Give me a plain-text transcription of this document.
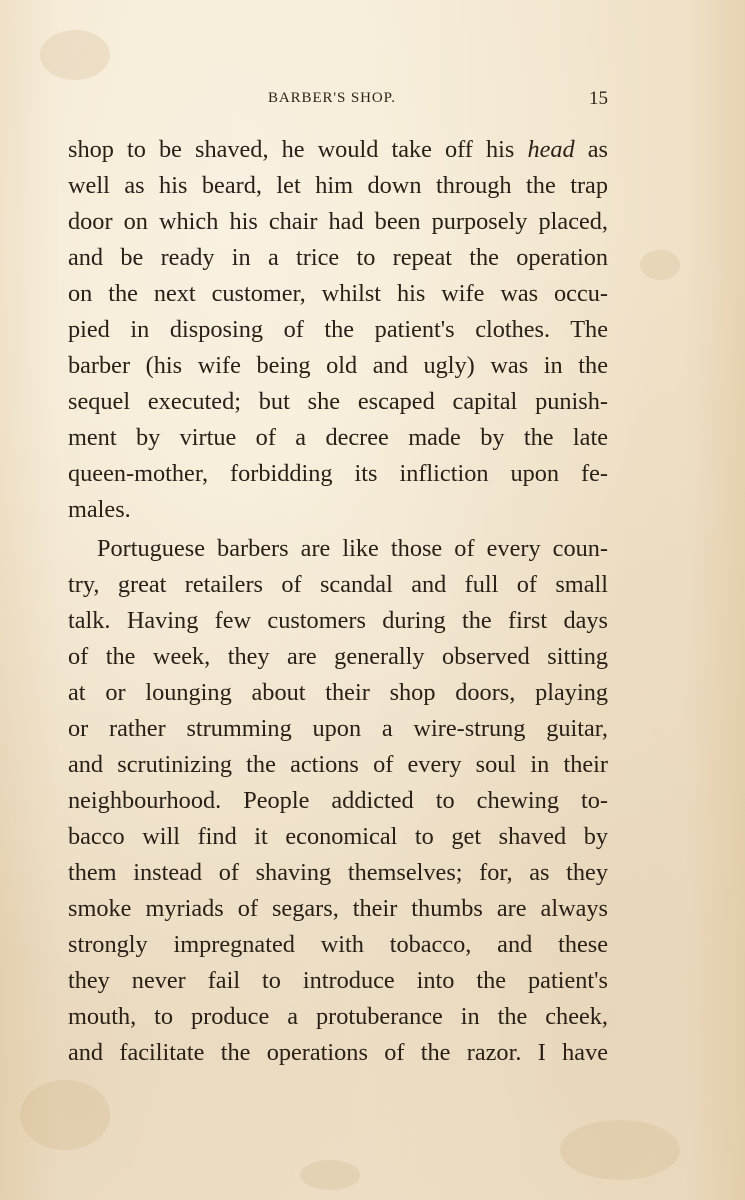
BARBER'S SHOP.	15
shop to be shaved, he would take off his head as
well as his beard, let him down through the trap
door on which his chair had been purposely placed,
and be ready in a trice to repeat the operation
on the next customer, whilst his wife was occu-
pied in disposing of the patient's clothes. The
barber (his wife being old and ugly) was in the
sequel executed; but she escaped capital punish-
ment by virtue of a decree made by the late
queen-mother, forbidding its infliction upon fe-
males.
Portuguese barbers are like those of every coun-
try, great retailers of scandal and full of small
talk. Having few customers during the first days
of the week, they are generally observed sitting
at or lounging about their shop doors, playing
or rather strumming upon a wire-strung guitar,
and scrutinizing the actions of every soul in their
neighbourhood. People addicted to chewing to-
bacco will find it economical to get shaved by
them instead of shaving themselves; for, as they
smoke myriads of segars, their thumbs are always
strongly impregnated with tobacco, and these
they never fail to introduce into the patient's
mouth, to produce a protuberance in the cheek,
and facilitate the operations of the razor. I have
